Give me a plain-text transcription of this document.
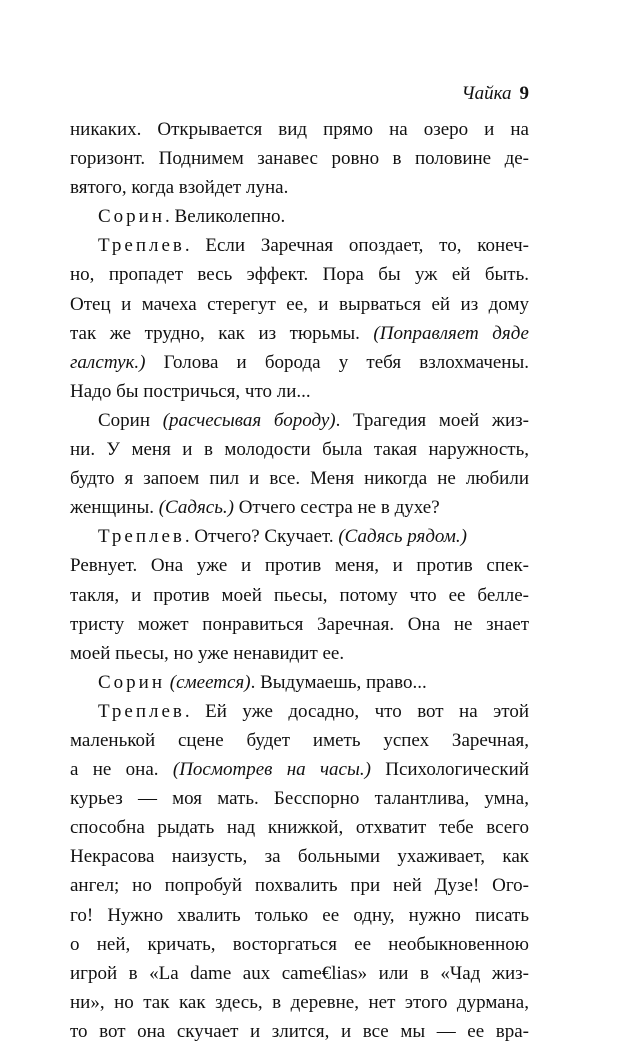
Чайка 9
никаких. Открывается вид прямо на озеро и на
горизонт. Поднимем занавес ровно в половине де-
вятого, когда взойдет луна.
Сорин. Великолепно.
Треплев. Если Заречная опоздает, то, конеч-
но, пропадет весь эффект. Пора бы уж ей быть.
Отец и мачеха стерегут ее, и вырваться ей из дому
так же трудно, как из тюрьмы. (Поправляет дяде
галстук.) Голова и борода у тебя взлохмачены.
Надо бы постричься, что ли...
Сорин (расчесывая бороду). Трагедия моей жиз-
ни. У меня и в молодости была такая наружность,
будто я запоем пил и все. Меня никогда не любили
женщины. (Садясь.) Отчего сестра не в духе?
Треплев. Отчего? Скучает. (Садясь рядом.)
Ревнует. Она уже и против меня, и против спек-
такля, и против моей пьесы, потому что ее белле-
тристу может понравиться Заречная. Она не знает
моей пьесы, но уже ненавидит ее.
Сорин (смеется). Выдумаешь, право...
Треплев. Ей уже досадно, что вот на этой
маленькой сцене будет иметь успех Заречная,
а не она. (Посмотрев на часы.) Психологический
курьез — моя мать. Бесспорно талантлива, умна,
способна рыдать над книжкой, отхватит тебе всего
Некрасова наизусть, за больными ухаживает, как
ангел; но попробуй похвалить при ней Дузе! Ого-
го! Нужно хвалить только ее одну, нужно писать
о ней, кричать, восторгаться ее необыкновенною
игрой в «La dame aux came€lias» или в «Чад жиз-
ни», но так как здесь, в деревне, нет этого дурмана,
то вот она скучает и злится, и все мы — ее вра-
